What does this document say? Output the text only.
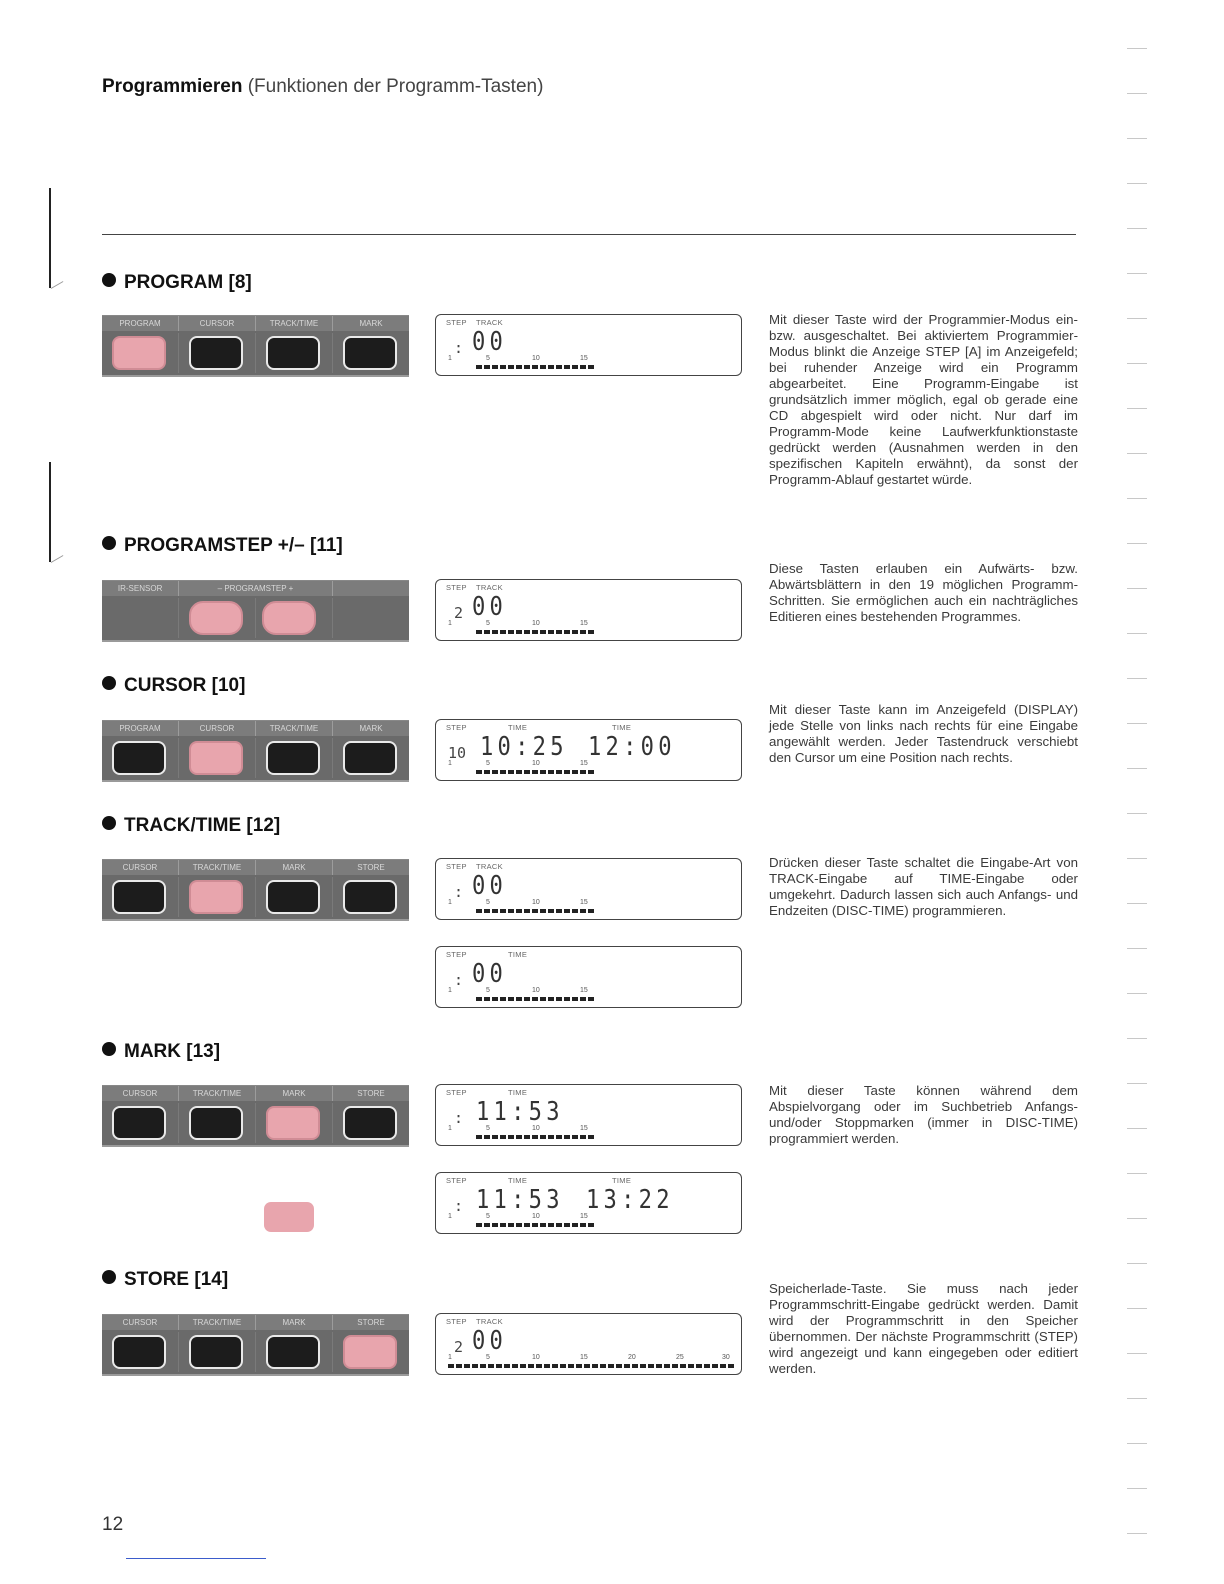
Programmieren (Funktionen der Programm-Tasten)
PROGRAM [8]
PROGRAM	CURSOR	TRACK/TIME	MARK	STEP TRACK
: 00
1	5	10	15
Mit dieser Taste wird der Programmier-Modus ein- bzw. ausgeschaltet. Bei aktiviertem Programmier-Modus blinkt die Anzeige STEP [A] im Anzeigefeld; bei ruhender Anzeige wird ein Programm abgearbeitet. Eine Programm-Eingabe ist grundsätzlich immer möglich, egal ob gerade eine CD abgespielt wird oder nicht. Nur darf im Programm-Mode keine Laufwerkfunktionstaste gedrückt werden (Ausnahmen werden in den spezifischen Kapiteln erwähnt), da sonst der Programm-Ablauf gestartet würde.
PROGRAMSTEP +/– [11]
IR-SENSOR	– PROGRAMSTEP +	STEP TRACK
2 00
1	5	10	15
Diese Tasten erlauben ein Aufwärts- bzw. Abwärtsblättern in den 19 möglichen Programm-Schritten. Sie ermöglichen auch ein nachträgliches Editieren eines bestehenden Programmes.
CURSOR [10]
PROGRAM	CURSOR	TRACK/TIME	MARK	STEP	TIME	TIME
10 10:25 12:00
1	5	10	15
Mit dieser Taste kann im Anzeigefeld (DISPLAY) jede Stelle von links nach rechts für eine Eingabe angewählt werden. Jeder Tastendruck verschiebt den Cursor um eine Position nach rechts.
TRACK/TIME [12]
CURSOR	TRACK/TIME	MARK	STORE	STEP TRACK
: 00
1	5	10	15
STEP	TIME
: 00
1	5	10	15
Drücken dieser Taste schaltet die Eingabe-Art von TRACK-Eingabe auf TIME-Eingabe oder umgekehrt. Dadurch lassen sich auch Anfangs- und Endzeiten (DISC-TIME) programmieren.
MARK [13]
CURSOR	TRACK/TIME	MARK	STORE	STEP	TIME
: 11:53
1	5	10	15
STEP	TIME	TIME
: 11:53 13:22
1	5	10	15
Mit dieser Taste können während dem Abspielvorgang oder im Suchbetrieb Anfangs- und/oder Stoppmarken (immer in DISC-TIME) programmiert werden.
STORE [14]
CURSOR	TRACK/TIME	MARK	STORE	STEP TRACK
2 00
1	5	10	15	20	25	30
Speicherlade-Taste. Sie muss nach jeder Programmschritt-Eingabe gedrückt werden. Damit wird der Programmschritt in den Speicher übernommen. Der nächste Programmschritt (STEP) wird angezeigt und kann eingegeben oder editiert werden.
12
